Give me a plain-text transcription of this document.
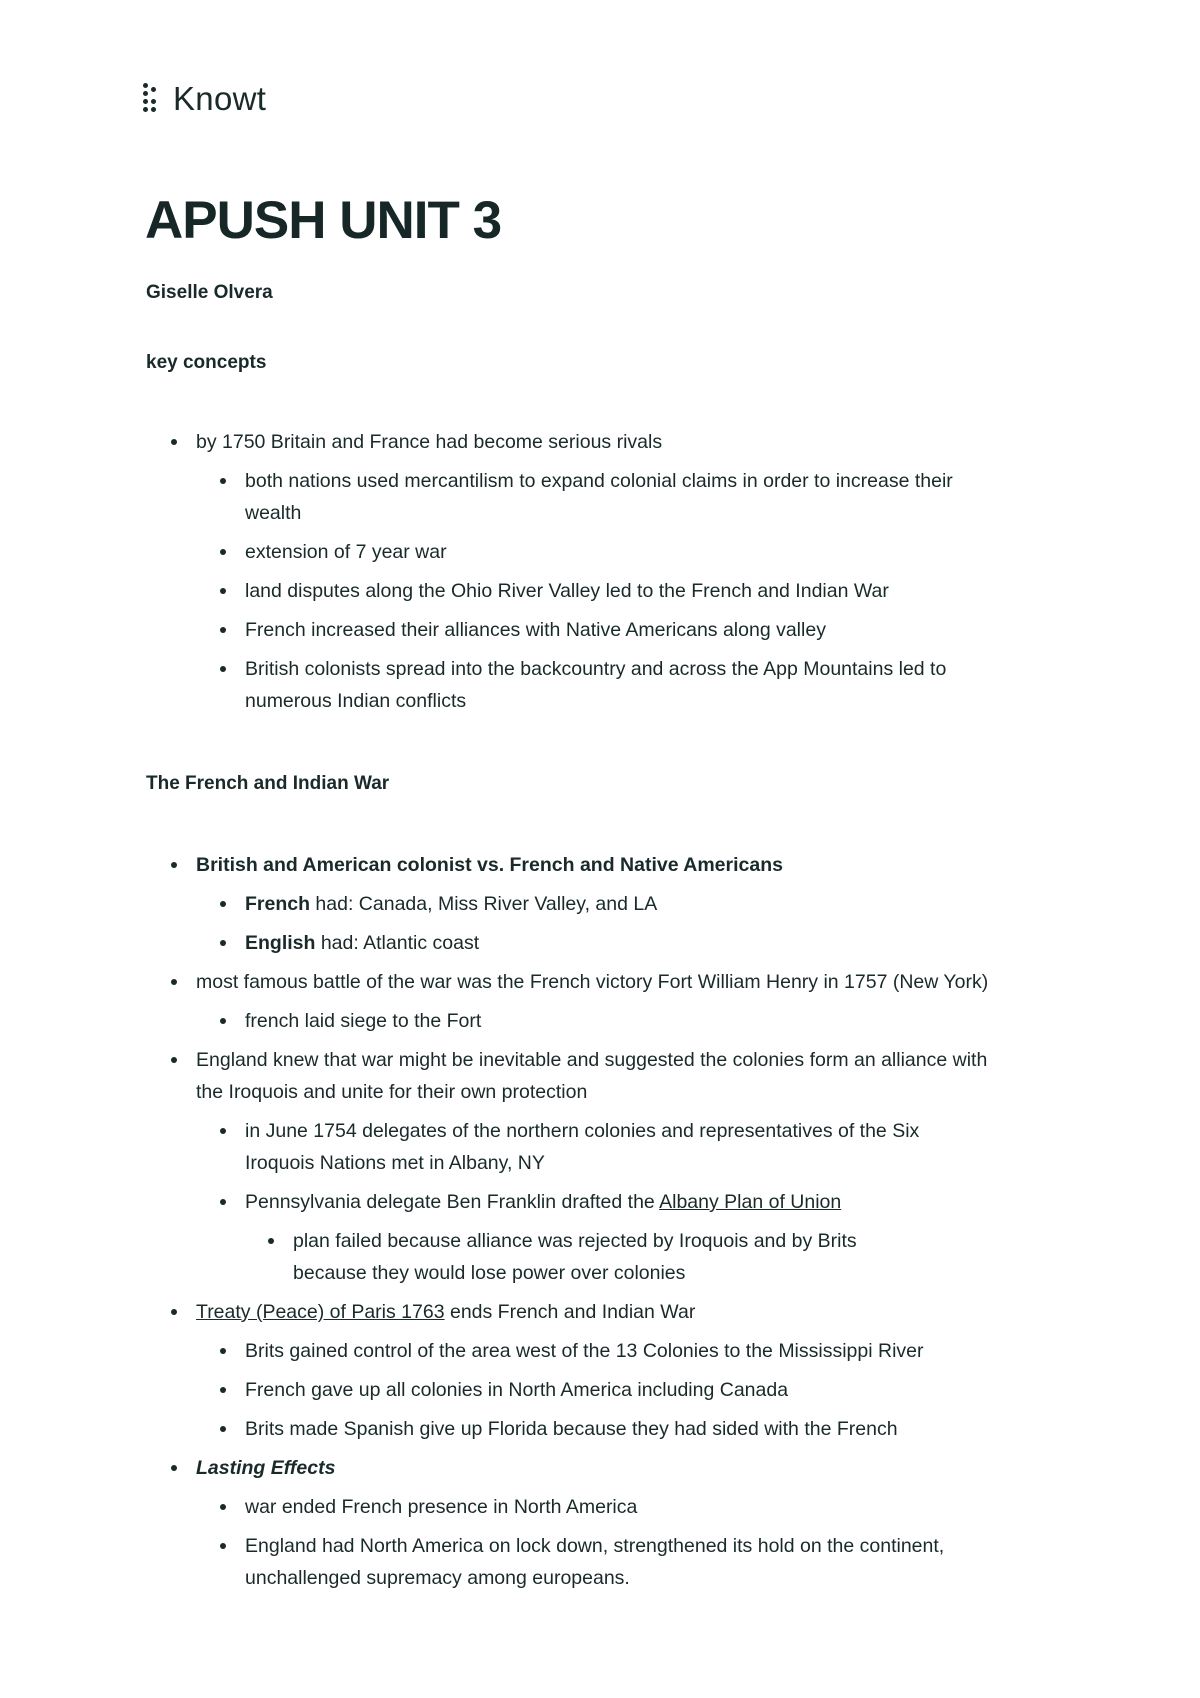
Knowt
APUSH UNIT 3
Giselle Olvera
key concepts
by 1750 Britain and France had become serious rivals
both nations used mercantilism to expand colonial claims in order to increase their wealth
extension of 7 year war
land disputes along the Ohio River Valley led to the French and Indian War
French increased their alliances with Native Americans along valley
British colonists spread into the backcountry and across the App Mountains led to numerous Indian conflicts
The French and Indian War
British and American colonist vs. French and Native Americans
French had: Canada, Miss River Valley, and LA
English had: Atlantic coast
most famous battle of the war was the French victory Fort William Henry in 1757 (New York)
french laid siege to the Fort
England knew that war might be inevitable and suggested the colonies form an alliance with the Iroquois and unite for their own protection
in June 1754 delegates of the northern colonies and representatives of the Six Iroquois Nations met in Albany, NY
Pennsylvania delegate Ben Franklin drafted the Albany Plan of Union
plan failed because alliance was rejected by Iroquois and by Brits because they would lose power over colonies
Treaty (Peace) of Paris 1763 ends French and Indian War
Brits gained control of the area west of the 13 Colonies to the Mississippi River
French gave up all colonies in North America including Canada
Brits made Spanish give up Florida because they had sided with the French
Lasting Effects
war ended French presence in North America
England had North America on lock down, strengthened its hold on the continent, unchallenged supremacy among europeans.
